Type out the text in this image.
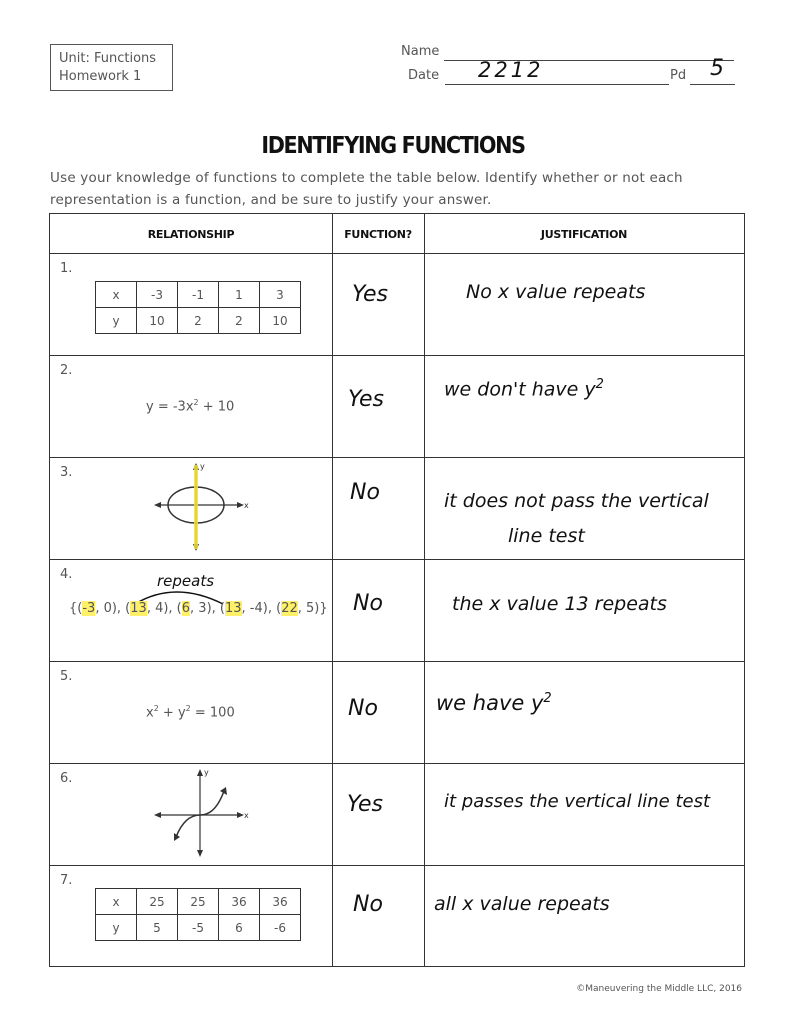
Unit: Functions
Homework 1
Name
Date 2212	Pd 5
IDENTIFYING FUNCTIONS
Use your knowledge of functions to complete the table below. Identify whether or not each representation is a function, and be sure to justify your answer.
RELATIONSHIP	FUNCTION?	JUSTIFICATION
1.
x	-3	-1	1	3
y	10	2	2	10
Yes	No x value repeats
2.
$y = -3x^2 + 10$	Yes	we don't have $y^2$
3.	y
x
No	it does not pass the vertical
line test
4.	repeats
{(-3, 0), (13, 4), (6, 3), (13, -4), (22, 5)} No	the x value 13 repeats
5.
$x^2 + y^2 = 100$	No	we have $y^2$
6.	y
x	Yes	it passes the vertical line test
7.
x	25	25	36	36
y	5	-5	6	-6
No	all x value repeats
©Maneuvering the Middle LLC, 2016
